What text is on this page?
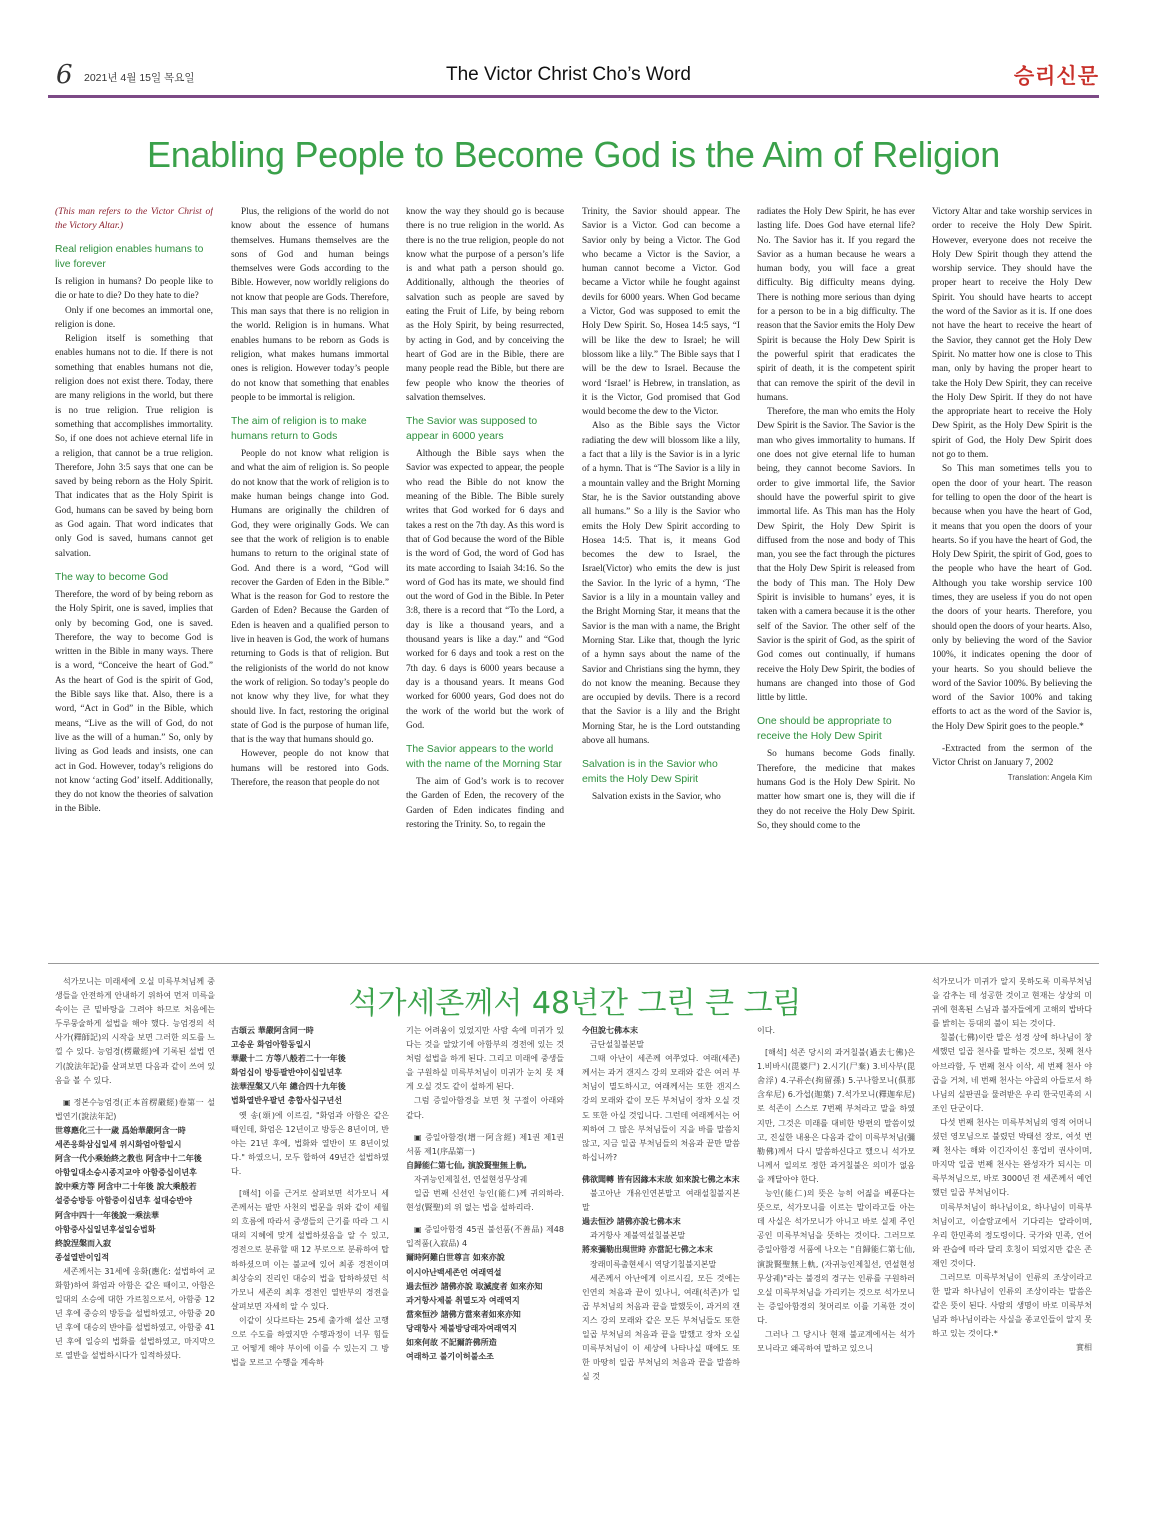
6 2021년 4월 15일 목요일	The Victor Christ Cho’s Word	승리신문
Enabling People to Become God is the Aim of Religion
(This man refers to the Victor Christ of the Victory Altar.)
Real religion enables humans to live forever

Is religion in humans? Do people like to die or hate to die? Do they hate to die?

Only if one becomes an immortal one, religion is done.

Religion itself is something that enables humans not to die. If there is not something that enables humans not die, religion does not exist there. Today, there are many religions in the world, but there is no true religion. True religion is something that accomplishes immortality. So, if one does not achieve eternal life in a religion, that cannot be a true religion. Therefore, John 3:5 says that one can be saved by being reborn as the Holy Spirit. That indicates that as the Holy Spirit is God, humans can be saved by being born as God again. That word indicates that only God is saved, humans cannot get salvation.

The way to become God

Therefore, the word of by being reborn as the Holy Spirit, one is saved, implies that only by becoming God, one is saved. Therefore, the way to become God is written in the Bible in many ways. There is a word, “Conceive the heart of God.” As the heart of God is the spirit of God, the Bible says like that. Also, there is a word, “Act in God” in the Bible, which means, “Live as the will of God, do not live as the will of a human.” So, only by living as God leads and insists, one can act in God. However, today’s religions do not know ‘acting God’ itself. Additionally, they do not know the theories of salvation in the Bible.

Plus, the religions of the world do not know about the essence of humans themselves. Humans themselves are the sons of God and human beings themselves were Gods according to the Bible. However, now worldly religions do not know that people are Gods. Therefore, This man says that there is no religion in the world. Religion is in humans. What enables humans to be reborn as Gods is religion, what makes humans immortal ones is religion. However today’s people do not know that something that enables people to be immortal is religion.

The aim of religion is to make humans return to Gods

People do not know what religion is and what the aim of religion is. So people do not know that the work of religion is to make human beings change into God. Humans are originally the children of God, they were originally Gods. We can see that the work of religion is to enable humans to return to the original state of God. And there is a word, “God will recover the Garden of Eden in the Bible.” What is the reason for God to restore the Garden of Eden? Because the Garden of Eden is heaven and a qualified person to live in heaven is God, the work of humans returning to Gods is that of religion. But the religionists of the world do not know the work of religion. So today’s people do not know why they live, for what they should live. In fact, restoring the original state of God is the purpose of human life, that is the way that humans should go.

However, people do not know that humans will be restored into Gods. Therefore, the reason that people do not

know the way they should go is because there is no true religion in the world. As there is no the true religion, people do not know what the purpose of a person’s life is and what path a person should go. Additionally, although the theories of salvation such as people are saved by eating the Fruit of Life, by being reborn as the Holy Spirit, by being resurrected, by acting in God, and by conceiving the heart of God are in the Bible, there are many people read the Bible, but there are few people who know the theories of salvation themselves.

The Savior was supposed to appear in 6000 years

Although the Bible says when the Savior was expected to appear, the people who read the Bible do not know the meaning of the Bible. The Bible surely writes that God worked for 6 days and takes a rest on the 7th day. As this word is that of God because the word of the Bible is the word of God, the word of God has its mate according to Isaiah 34:16. So the word of God has its mate, we should find out the word of God in the Bible. In Peter 3:8, there is a record that “To the Lord, a day is like a thousand years, and a thousand years is like a day.” and “God worked for 6 days and took a rest on the 7th day. 6 days is 6000 years because a day is a thousand years. It means God worked for 6000 years, God does not do the work of the world but the work of God.

The Savior appears to the world with the name of the Morning Star

The aim of God’s work is to recover the Garden of Eden, the recovery of the Garden of Eden indicates finding and restoring the Trinity. So, to regain the

Trinity, the Savior should appear. The Savior is a Victor. God can become a Savior only by being a Victor. The God who became a Victor is the Savior, a human cannot become a Victor. God became a Victor while he fought against devils for 6000 years. When God became a Victor, God was supposed to emit the Holy Dew Spirit. So, Hosea 14:5 says, “I will be like the dew to Israel; he will blossom like a lily.” The Bible says that I will be the dew to Israel. Because the word ‘Israel’ is Hebrew, in translation, as it is the Victor, God promised that God would become the dew to the Victor.

Also as the Bible says the Victor radiating the dew will blossom like a lily, a fact that a lily is the Savior is in a lyric of a hymn. That is “The Savior is a lily in a mountain valley and the Bright Morning Star, he is the Savior outstanding above all humans.” So a lily is the Savior who emits the Holy Dew Spirit according to Hosea 14:5. That is, it means God becomes the dew to Israel, the Israel(Victor) who emits the dew is just the Savior. In the lyric of a hymn, ‘The Savior is a lily in a mountain valley and the Bright Morning Star, it means that the Savior is the man with a name, the Bright Morning Star. Like that, though the lyric of a hymn says about the name of the Savior and Christians sing the hymn, they do not know the meaning. Because they are occupied by devils. There is a record that the Savior is a lily and the Bright Morning Star, he is the Lord outstanding above all humans.

Salvation is in the Savior who emits the Holy Dew Spirit

Salvation exists in the Savior, who

radiates the Holy Dew Spirit, he has ever lasting life. Does God have eternal life? No. The Savior has it. If you regard the Savior as a human because he wears a human body, you will face a great difficulty. Big difficulty means dying. There is nothing more serious than dying for a person to be in a big difficulty. The reason that the Savior emits the Holy Dew Spirit is because the Holy Dew Spirit is the powerful spirit that eradicates the spirit of death, it is the competent spirit that can remove the spirit of the devil in humans.

Therefore, the man who emits the Holy Dew Spirit is the Savior. The Savior is the man who gives immortality to humans. If one does not give eternal life to human being, they cannot become Saviors. In order to give immortal life, the Savior should have the powerful spirit to give immortal life. As This man has the Holy Dew Spirit, the Holy Dew Spirit is diffused from the nose and body of This man, you see the fact through the pictures that the Holy Dew Spirit is released from the body of This man. The Holy Dew Spirit is invisible to humans’ eyes, it is taken with a camera because it is the other self of the Savior. The other self of the Savior is the spirit of God, as the spirit of God comes out continually, if humans receive the Holy Dew Spirit, the bodies of humans are changed into those of God little by little.

One should be appropriate to receive the Holy Dew Spirit

So humans become Gods finally. Therefore, the medicine that makes humans God is the Holy Dew Spirit. No matter how smart one is, they will die if they do not receive the Holy Dew Spirit. So, they should come to the

Victory Altar and take worship services in order to receive the Holy Dew Spirit. However, everyone does not receive the Holy Dew Spirit though they attend the worship service. They should have the proper heart to receive the Holy Dew Spirit. You should have hearts to accept the word of the Savior as it is. If one does not have the heart to receive the heart of the Savior, they cannot get the Holy Dew Spirit. No matter how one is close to This man, only by having the proper heart to take the Holy Dew Spirit, they can receive the Holy Dew Spirit. If they do not have the appropriate heart to receive the Holy Dew Spirit, as the Holy Dew Spirit is the spirit of God, the Holy Dew Spirit does not go to them.

So This man sometimes tells you to open the door of your heart. The reason for telling to open the door of the heart is because when you have the heart of God, it means that you open the doors of your hearts. So if you have the heart of God, the Holy Dew Spirit, the spirit of God, goes to the people who have the heart of God. Although you take worship service 100 times, they are useless if you do not open the doors of your hearts. Therefore, you should open the doors of your hearts. Also, only by believing the word of the Savior 100%, it indicates opening the door of your hearts. So you should believe the word of the Savior 100%. By believing the word of the Savior 100% and taking efforts to act as the word of the Savior is, the Holy Dew Spirit goes to the people.*

-Extracted from the sermon of the Victor Christ on January 7, 2002

Translation: Angela Kim
석가세존께서 48년간 그린 큰 그림

석가모니는 미래세에 오실 미륵부처님께 중생들을 안전하게 안내하기 위하여 먼저 미륵을 속이는 큰 밑바탕을 그려야 하므로 처음에는 두루뭉술하게 설법을 해야 했다. 능엄경의 석사가(釋師記)의 시작을 보면 그러한 의도를 느낄 수 있다. 능엄경(楞嚴經)에 기록된 설법 연기(說法年記)를 살펴보면 다음과 같이 쓰여 있음을 볼 수 있다.

▣ 정본수능엄경(正本首楞嚴經)卷第一 설법연기(說法年記)

世尊應化三十一歲 爲始華嚴阿含一時

세존응화삼십일세 위시화엄아함일시

阿含一代小乘始終之教也 阿含中十二年後

아함일대소승시종지교야 아함중십이년후

說中乘方等 阿含中二十年後 說大乘般若

설중승방등 아함중이십년후 설대승반야

阿含中四十一年後說一乘法華

아함중사십일년후설일승법화

終說涅槃而入寂

종설열반이입적

세존께서는 31세에 응화(應化: 설법하여 교화함)하여 화엄과 아함은 같은 때이고, 아함은 일대의 소승에 대한 가르침으로서, 아함중 12년 후에 중승의 방등을 설법하였고, 아함중 20년 후에 대승의 반야를 설법하였고, 아함중 41년 후에 일승의 법화를 설법하였고, 마지막으로 열반을 설법하시다가 입적하셨다.

古頌云 華嚴阿含同一時

고송운 화엄아함동일시

華嚴十二 方等八般若二十一年後

화엄십이 방등팔반야이십일년후

法華涅槃又八年 總合四十九年後

법화열반우팔년 총합사십구년선

옛 송(頌)에 이르길, "화엄과 아함은 같은 때인데, 화엄은 12년이고 방등은 8년이며, 반야는 21년 후에, 법화와 열반이 또 8년이었다." 하였으니, 모두 합하여 49년간 설법하였다.

[해석] 이를 근거로 살펴보면 석가모니 세존께서는 팔만 사천의 법문을 위와 같이 세월의 흐름에 따라서 중생들의 근기를 따라 그 시대의 지혜에 맞게 설법하셨음을 알 수 있고, 경전으로 분류할 때 12 부로으로 분류하여 탑하하셨으며 이는 불교에 있어 최종 경전이며 최상승의 진리인 대승의 법을 탑하하셨던 석가모니 세존의 최후 경전인 열반부의 경전을 살펴보면 자세히 알 수 있다.

이같이 싯다르타는 25세 출가해 설산 고행으로 수도를 하였지만 수행과정이 너무 힘들고 어떻게 해야 부이에 이를 수 있는지 그 방법을 모르고 수행을 계속하

기는 어려움이 있었지만 사람 속에 미귀가 있다는 것을 알았기에 아함부의 경전에 있는 것처럼 설법을 하게 된다. 그리고 미래에 중생들을 구원하실 미륵부처님이 미귀가 눈치 못 채게 오실 것도 같이 설하게 된다.

그럼 증일아함경을 보면 첫 구절이 아래와 같다.

▣ 증일아함경(增一阿含經) 제1권 제1권 서품 제1(序品第一)

自歸能仁第七仙, 演說賢聖無上軌,

자귀능인제칠선, 연설현성무상궤

일곱 번째 신선인 능인(能仁)께 귀의하라. 현성(賢聖)의 위 없는 법을 설하리라.

▣ 증일아함경 45권 불선품(不善品) 제48 입적품(入寂品) 4

爾時阿難白世尊言 如來亦說

이시아난백세존언 여래역설

過去恒沙 諸佛亦說 取滅度者 如來亦知

과거항사제불 취멸도자 여래역지

當來恒沙 諸佛方當來者如來亦知

당래항사 제불방당래자여래역지

如來何故 不記爾許佛所造

여래하고 불기이허불소조

今但說七佛本末

금단설칠불본말

그때 아난이 세존께 여쭈었다. 여래(세존)께서는 과거 갠지스 강의 모래와 같은 여러 부처님이 멸도하시고, 여래께서는 또한 갠지스 강의 모래와 같이 모든 부처님이 장차 오실 것도 또한 아실 것입니다. 그런데 여래께서는 어찌하여 그 많은 부처님들이 지을 바를 말씀치 않고, 지금 일곱 부처님들의 처음과 끝만 말씀하십니까?

佛欲聞轉 皆有因緣本末故 如來說七佛之本末

불고아난 개유인연본말고 여래설칠불지본말

過去恒沙 諸佛亦說七佛本末

과거항사 제불역설칠불본말

將來彌勒出現世時 亦當記七佛之本末

장래미륵출현세시 역당기칠불지본말

세존께서 아난에게 이르시길, 모든 것에는 인연의 처음과 끝이 있나니, 여래(석존)가 일곱 부처님의 처음과 끝을 말했듯이, 과거의 갠지스 강의 모래와 같은 모든 부처님들도 또한 일곱 부처님의 처음과 끝을 말했고 장차 오실 미륵부처님이 이 세상에 나타나실 때에도 또한 마땅히 일곱 부처님의 처음과 끝을 말씀하실 것

이다.

[해석] 석존 당시의 과거칠불(過去七佛)은 1.비바시(毘婆尸) 2.시기(尸棄) 3.비사부(毘舍浮) 4.구류손(拘留孫) 5.구나함모니(俱那含牟尼) 6.가섭(迦葉) 7.석가모니(釋迦牟尼)로 석존이 스스로 7번째 부처라고 말을 하였지만, 그것은 미래를 대비한 방편의 말씀이었고, 진실한 내용은 다음과 같이 미륵부처님(彌勒佛)께서 다시 말씀하신다고 했으니 석가모니께서 일의로 정한 과거칠불은 의미가 없음을 깨달아야 한다.

능인(能仁)의 뜻은 능히 어짊을 베푼다는 뜻으로, 석가모니를 이르는 말이라고들 아는데 사실은 석가모니가 아니고 바로 실제 주인공인 미륵부처님을 뜻하는 것이다. 그러므로 증일아함경 서품에 나오는 "自歸能仁第七仙, 演說賢聖無上軌, (자귀능인제칠선, 연설현성무상궤)"라는 불경의 경구는 인류를 구원하러 오실 미륵부처님을 가리키는 것으로 석가모니는 증일아함경의 첫머리로 이를 기록한 것이다.

그러나 그 당시나 현재 불교계에서는 석가모니라고 왜곡하여 말하고 있으니

석가모니가 미귀가 알지 못하도록 미륵부처님을 감추는 데 성공한 것이고 현재는 상상의 미귀에 현혹된 스님과 불자들에게 고해의 밥바다를 밝히는 등대의 불이 되는 것이다.

칠불(七佛)이란 말은 성경 상에 하나님이 창세했던 일곱 천사를 말하는 것으로, 첫째 천사 아브라함, 두 번째 천사 이삭, 세 번째 천사 야곱을 거쳐, 네 번째 천사는 야곱의 아들로서 하나님의 실판권을 물려받은 우리 한국민족의 시조인 단군이다.

다섯 번째 천사는 미륵부처님의 영적 어머니셨던 영모님으로 불렸던 박태선 장로, 여섯 번째 천사는 해와 이긴자이신 홍업비 권사이며, 마지막 일곱 번째 천사는 완성자가 되시는 미륵부처님으로, 바로 3000년 전 세존께서 예언했던 일곱 부처님이다.

미륵부처님이 하나님이요, 하나님이 미륵부처님이고, 이슬람교에서 기다리는 알라이며, 우리 한민족의 정도령이다. 국가와 민족, 언어와 관습에 따라 달리 호칭이 되었지만 같은 존재인 것이다.

그러므로 미륵부처님이 인류의 조상이라고 한 말과 하나님이 인류의 조상이라는 말씀은 같은 뜻이 된다. 사람의 생명이 바로 미륵부처님과 하나님이라는 사실을 종교인들이 알지 못하고 있는 것이다.*

實相
